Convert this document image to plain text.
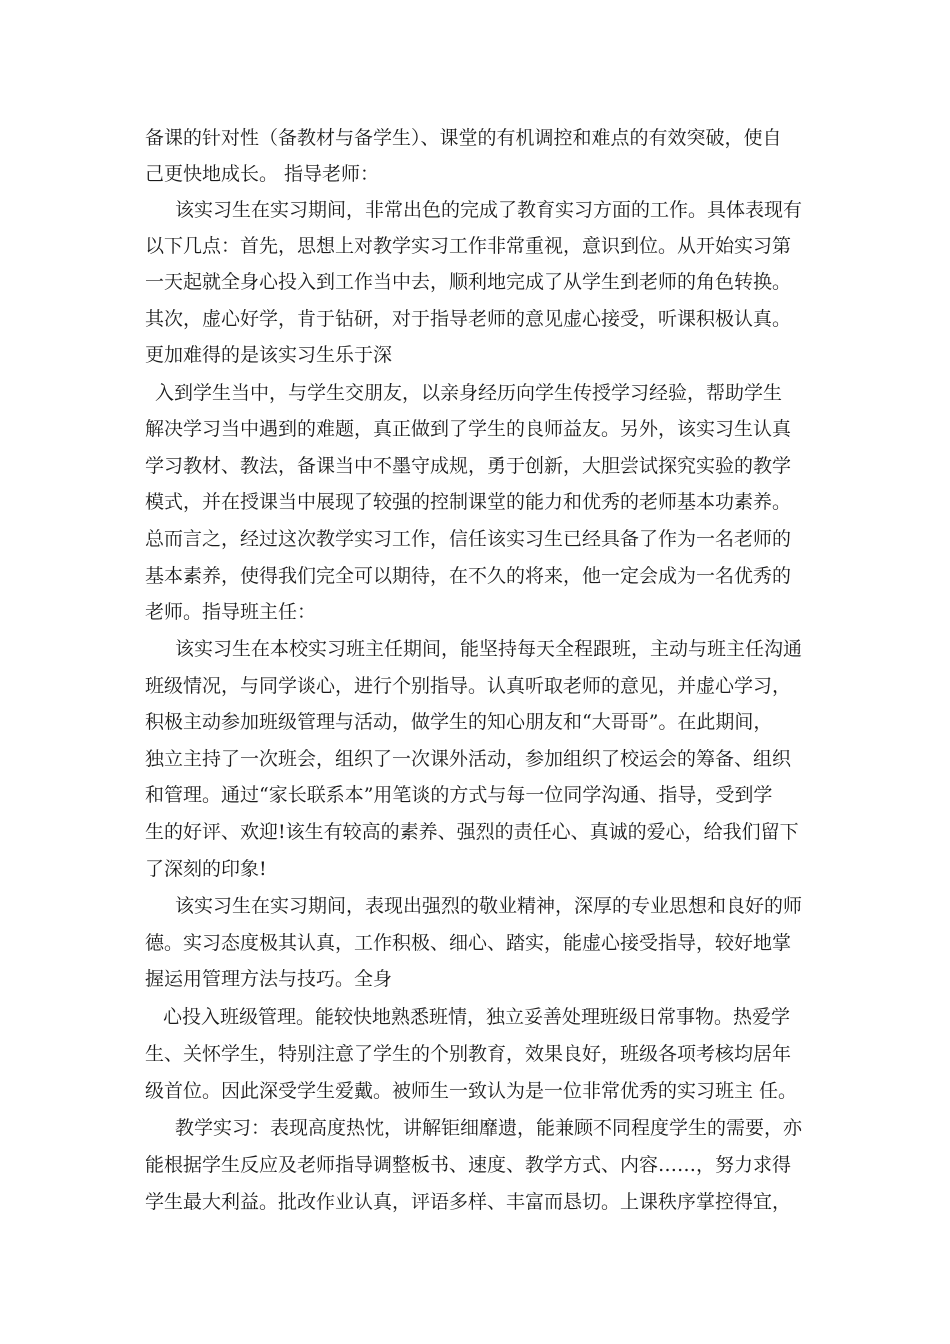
备课的针对性（备教材与备学生）、课堂的有机调控和难点的有效突破，使自
己更快地成长。 指导老师：
该实习生在实习期间，非常出色的完成了教育实习方面的工作。具体表现有
以下几点：首先，思想上对教学实习工作非常重视，意识到位。从开始实习第
一天起就全身心投入到工作当中去，顺利地完成了从学生到老师的角色转换。
其次，虚心好学，肯于钻研，对于指导老师的意见虚心接受，听课积极认真。
更加难得的是该实习生乐于深
入到学生当中，与学生交朋友，以亲身经历向学生传授学习经验，帮助学生
解决学习当中遇到的难题，真正做到了学生的良师益友。另外，该实习生认真
学习教材、教法，备课当中不墨守成规，勇于创新，大胆尝试探究实验的教学
模式，并在授课当中展现了较强的控制课堂的能力和优秀的老师基本功素养。
总而言之，经过这次教学实习工作，信任该实习生已经具备了作为一名老师的
基本素养，使得我们完全可以期待，在不久的将来，他一定会成为一名优秀的
老师。指导班主任：
该实习生在本校实习班主任期间，能坚持每天全程跟班，主动与班主任沟通
班级情况，与同学谈心，进行个别指导。认真听取老师的意见，并虚心学习，
积极主动参加班级管理与活动，做学生的知心朋友和“大哥哥”。在此期间，
独立主持了一次班会，组织了一次课外活动，参加组织了校运会的筹备、组织
和管理。通过“家长联系本”用笔谈的方式与每一位同学沟通、指导，受到学
生的好评、欢迎!该生有较高的素养、强烈的责任心、真诚的爱心，给我们留下
了深刻的印象!
该实习生在实习期间，表现出强烈的敬业精神，深厚的专业思想和良好的师
德。实习态度极其认真，工作积极、细心、踏实，能虚心接受指导，较好地掌
握运用管理方法与技巧。全身
心投入班级管理。能较快地熟悉班情，独立妥善处理班级日常事物。热爱学
生、关怀学生，特别注意了学生的个别教育，效果良好，班级各项考核均居年
级首位。因此深受学生爱戴。被师生一致认为是一位非常优秀的实习班主 任。
教学实习：表现高度热忱，讲解钜细靡遗，能兼顾不同程度学生的需要，亦
能根据学生反应及老师指导调整板书、速度、教学方式、内容……，努力求得
学生最大利益。批改作业认真，评语多样、丰富而恳切。上课秩序掌控得宜，
